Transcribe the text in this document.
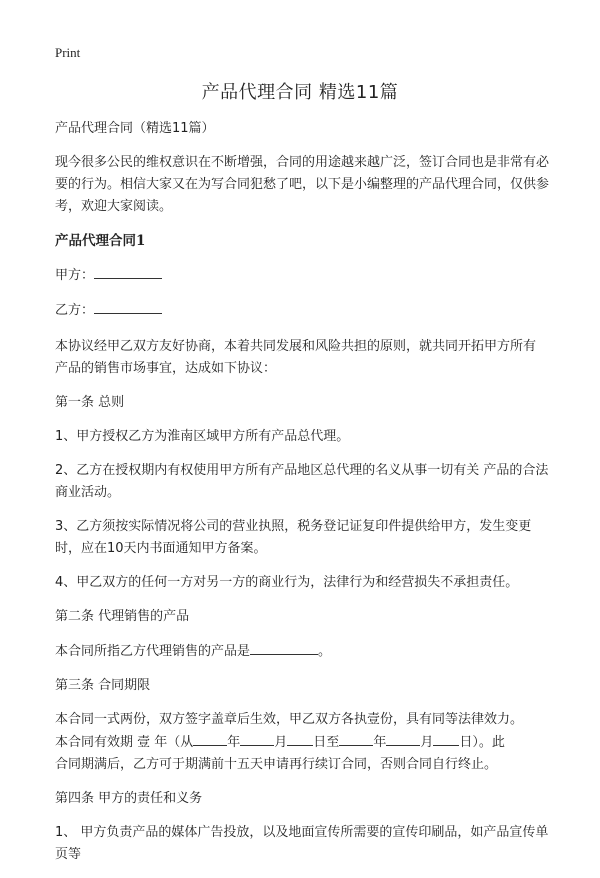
Print
产品代理合同 精选11篇

产品代理合同（精选11篇）

现今很多公民的维权意识在不断增强，合同的用途越来越广泛，签订合同也是非常有必要的行为。相信大家又在为写合同犯愁了吧，以下是小编整理的产品代理合同，仅供参考，欢迎大家阅读。

产品代理合同1

甲方：

乙方：

本协议经甲乙双方友好协商，本着共同发展和风险共担的原则，就共同开拓甲方所有 产品的销售市场事宜，达成如下协议：

第一条 总则

1、甲方授权乙方为淮南区域甲方所有产品总代理。

2、乙方在授权期内有权使用甲方所有产品地区总代理的名义从事一切有关 产品的合法商业活动。

3、乙方须按实际情况将公司的营业执照，税务登记证复印件提供给甲方，发生变更时，应在10天内书面通知甲方备案。

4、甲乙双方的任何一方对另一方的商业行为，法律行为和经营损失不承担责任。

第二条 代理销售的产品

本合同所指乙方代理销售的产品是	。

第三条 合同期限

本合同一式两份，双方签字盖章后生效，甲乙双方各执壹份，具有同等法律效力。
本合同有效期 壹 年（从	年	月 日至	年	月 日）。此
合同期满后，乙方可于期满前十五天申请再行续订合同，否则合同自行终止。

第四条 甲方的责任和义务

1、 甲方负责产品的媒体广告投放，以及地面宣传所需要的宣传印刷品，如产品宣传单页等
